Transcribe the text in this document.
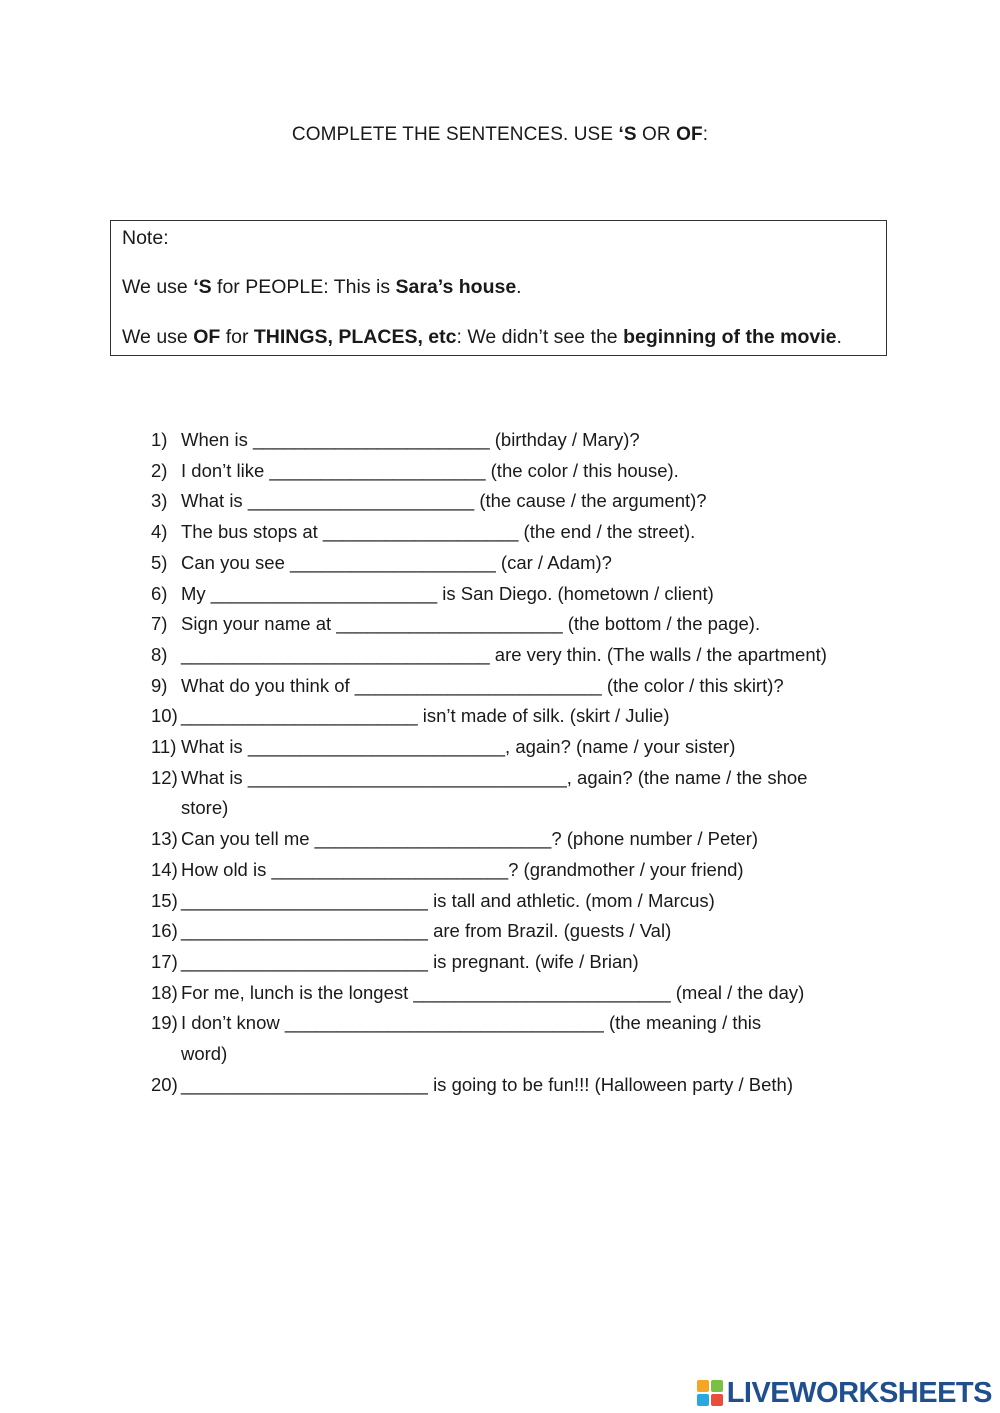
COMPLETE THE SENTENCES. USE ‘S OR OF:
Note:
We use ‘S for PEOPLE: This is Sara’s house.
We use OF for THINGS, PLACES, etc: We didn’t see the beginning of the movie.
1) When is _______________________ (birthday / Mary)?
2) I don’t like _____________________ (the color / this house).
3) What is ______________________ (the cause / the argument)?
4) The bus stops at ___________________ (the end / the street).
5) Can you see ____________________ (car / Adam)?
6) My ______________________ is San Diego. (hometown / client)
7) Sign your name at ______________________ (the bottom / the page).
8) ______________________________ are very thin. (The walls / the apartment)
9) What do you think of ________________________ (the color / this skirt)?
10) _______________________ isn’t made of silk. (skirt / Julie)
11) What is _________________________, again? (name / your sister)
12) What is _______________________________, again? (the name / the shoe
store)
13) Can you tell me _______________________? (phone number / Peter)
14) How old is _______________________? (grandmother / your friend)
15) ________________________ is tall and athletic. (mom / Marcus)
16) ________________________ are from Brazil. (guests / Val)
17) ________________________ is pregnant. (wife / Brian)
18) For me, lunch is the longest _________________________ (meal / the day)
19) I don’t know _______________________________ (the meaning / this
word)
20) ________________________ is going to be fun!!! (Halloween party / Beth)
LIVEWORKSHEETS
